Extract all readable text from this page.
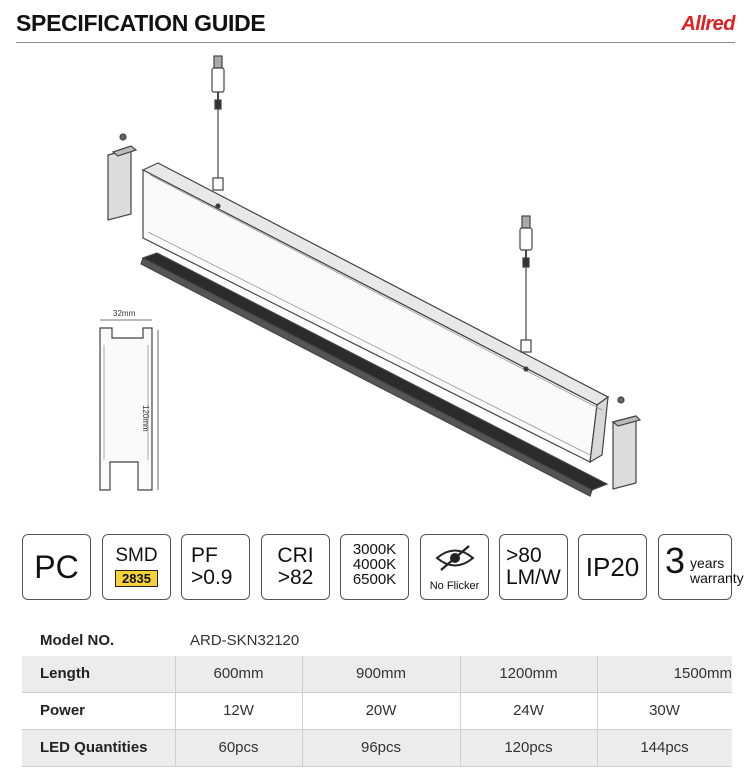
SPECIFICATION GUIDE	Allred
32mm
120mm
PC	SMD
2835
PF
>0.9
CRI
>82
3000K
4000K
6500K	No Flicker
>80
LM/W IP20 3 years
warranty
Model NO.	ARD-SKN32120
Length	600mm	900mm	1200mm	1500mm
Power	12W	20W	24W	30W
LED Quantities	60pcs	96pcs	120pcs	144pcs
